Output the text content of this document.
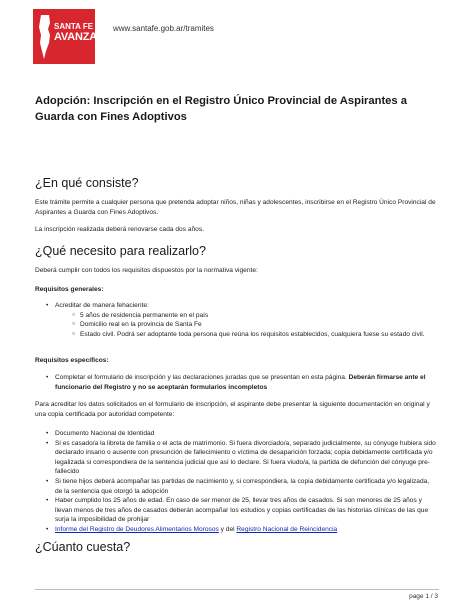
SANTA FE
AVANZA
www.santafe.gob.ar/tramites
Adopción: Inscripción en el Registro Único Provincial de Aspirantes a Guarda con Fines Adoptivos
¿En qué consiste?
Este trámite permite a cualquier persona que pretenda adoptar niños, niñas y adolescentes, inscribirse en el Registro Único Provincial de Aspirantes a Guarda con Fines Adoptivos.
La inscripción realizada deberá renovarse cada dos años.
¿Qué necesito para realizarlo?
Deberá cumplir con todos los requisitos dispuestos por la normativa vigente:
Requisitos generales:
• Acreditar de manera fehaciente:
○ 5 años de residencia permanente en el país
○ Domicilio real en la provincia de Santa Fe
○ Estado civil. Podrá ser adoptante toda persona que reúna los requisitos establecidos, cualquiera fuese su estado civil.
Requisitos específicos:
• Completar el formulario de inscripción y las declaraciones juradas que se presentan en esta página. Deberán firmarse ante el funcionario del Registro y no se aceptarán formularios incompletos
Para acreditar los datos solicitados en el formulario de inscripción, el aspirante debe presentar la siguiente documentación en original y una copia certificada por autoridad competente:
• Documento Nacional de Identidad
• Si es casado/a la libreta de familia o el acta de matrimonio. Si fuera divorciado/a, separado judicialmente, su cónyuge hubiera sido declarado insano o ausente con presunción de fallecimiento o víctima de desaparición forzada; copia debidamente certificada y/o legalizada si correspondiera de la sentencia judicial que así lo declare. Si fuera viudo/a, la partida de defunción del cónyuge pre-fallecido
• Si tiene hijos deberá acompañar las partidas de nacimiento y, si correspondiera, la copia debidamente certificada y/o legalizada, de la sentencia que otorgó la adopción
• Haber cumplido los 25 años de edad. En caso de ser menor de 25, llevar tres años de casados. Si son menores de 25 años y llevan menos de tres años de casados deberán acompañar los estudios y copias certificadas de las historias clínicas de las que surja la imposibilidad de prohijar
• Informe del Registro de Deudores Alimentarios Morosos y del Registro Nacional de Reincidencia
¿Cúanto cuesta?
page 1 / 3
